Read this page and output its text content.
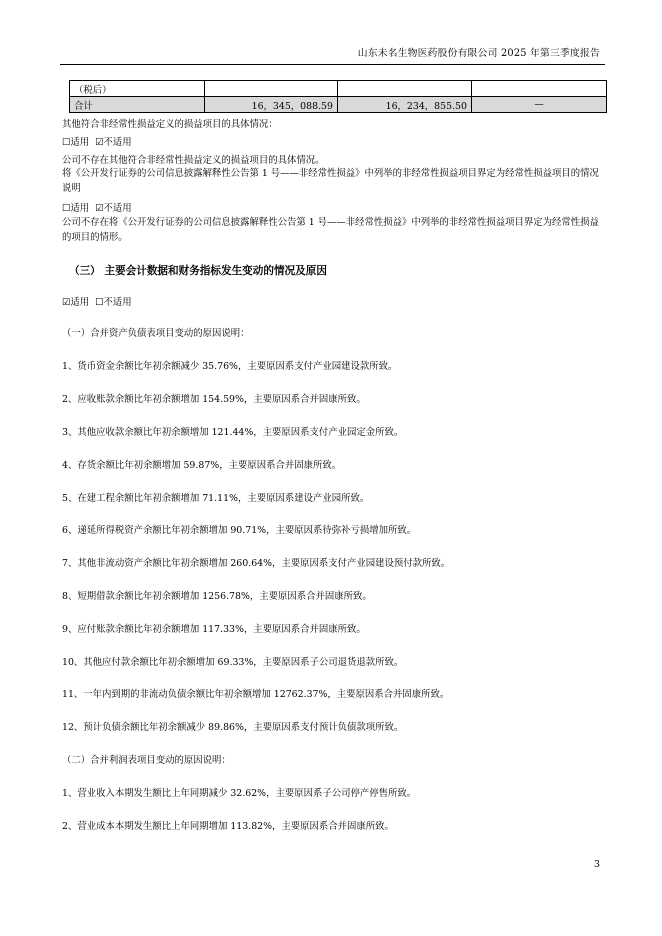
山东未名生物医药股份有限公司 2025 年第三季度报告
（税后）			
合计	16，345，088.59	16，234，855.50	—
其他符合非经常性损益定义的损益项目的具体情况：
☐适用 ☑不适用
公司不存在其他符合非经常性损益定义的损益项目的具体情况。
将《公开发行证券的公司信息披露解释性公告第 1 号——非经常性损益》中列举的非经常性损益项目界定为经常性损益项目的情况说明
☐适用 ☑不适用
公司不存在将《公开发行证券的公司信息披露解释性公告第 1 号——非经常性损益》中列举的非经常性损益项目界定为经常性损益的项目的情形。
（三） 主要会计数据和财务指标发生变动的情况及原因
☑适用 ☐不适用
（一）合并资产负债表项目变动的原因说明：
1、货币资金余额比年初余额减少 35.76%，主要原因系支付产业园建设款所致。
2、应收账款余额比年初余额增加 154.59%，主要原因系合并固康所致。
3、其他应收款余额比年初余额增加 121.44%，主要原因系支付产业园定金所致。
4、存货余额比年初余额增加 59.87%，主要原因系合并固康所致。
5、在建工程余额比年初余额增加 71.11%，主要原因系建设产业园所致。
6、递延所得税资产余额比年初余额增加 90.71%，主要原因系待弥补亏损增加所致。
7、其他非流动资产余额比年初余额增加 260.64%，主要原因系支付产业园建设预付款所致。
8、短期借款余额比年初余额增加 1256.78%，主要原因系合并固康所致。
9、应付账款余额比年初余额增加 117.33%，主要原因系合并固康所致。
10、其他应付款余额比年初余额增加 69.33%，主要原因系子公司退货退款所致。
11、一年内到期的非流动负债余额比年初余额增加 12762.37%，主要原因系合并固康所致。
12、预计负债余额比年初余额减少 89.86%，主要原因系支付预计负债款项所致。
（二）合并利润表项目变动的原因说明：
1、营业收入本期发生额比上年同期减少 32.62%，主要原因系子公司停产停售所致。
2、营业成本本期发生额比上年同期增加 113.82%，主要原因系合并固康所致。
3
